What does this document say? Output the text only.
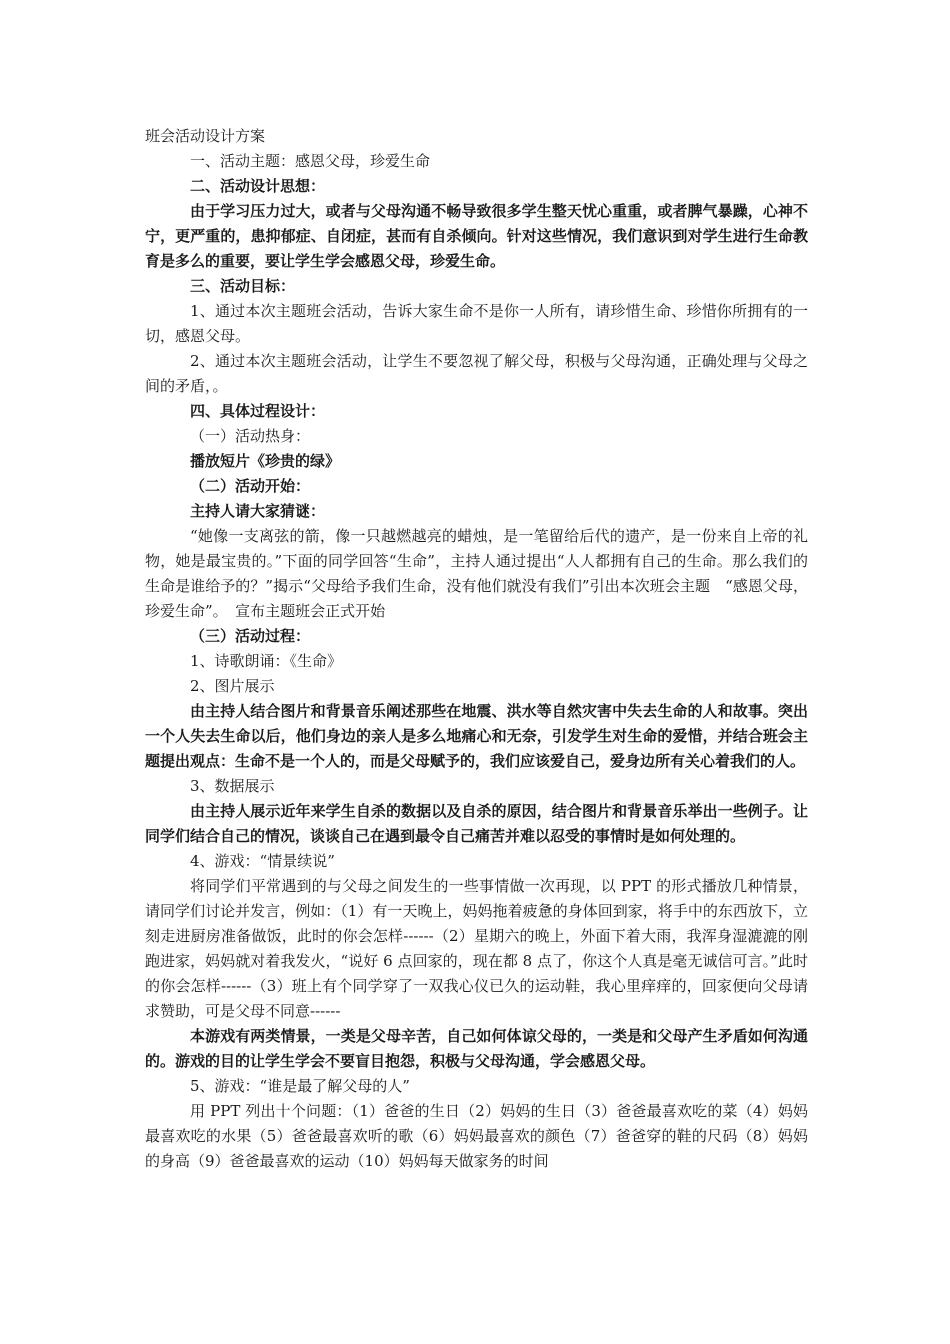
班会活动设计方案

一、活动主题：感恩父母，珍爱生命

二、活动设计思想：

由于学习压力过大，或者与父母沟通不畅导致很多学生整天忧心重重，或者脾气暴躁，心神不宁，更严重的，患抑郁症、自闭症，甚而有自杀倾向。针对这些情况，我们意识到对学生进行生命教育是多么的重要，要让学生学会感恩父母，珍爱生命。

三、活动目标：

1、通过本次主题班会活动，告诉大家生命不是你一人所有，请珍惜生命、珍惜你所拥有的一切，感恩父母。

2、通过本次主题班会活动，让学生不要忽视了解父母，积极与父母沟通，正确处理与父母之间的矛盾，。

四、具体过程设计：

（一）活动热身：

播放短片《珍贵的绿》

（二）活动开始：

主持人请大家猜谜：

“她像一支离弦的箭，像一只越燃越亮的蜡烛，是一笔留给后代的遗产，是一份来自上帝的礼物，她是最宝贵的。”下面的同学回答“生命”，主持人通过提出“人人都拥有自己的生命。那么我们的生命是谁给予的？”揭示“父母给予我们生命，没有他们就没有我们”引出本次班会主题　“感恩父母，珍爱生命”。　宣布主题班会正式开始

（三）活动过程：

1、诗歌朗诵：《生命》

2、图片展示

由主持人结合图片和背景音乐阐述那些在地震、洪水等自然灾害中失去生命的人和故事。突出一个人失去生命以后，他们身边的亲人是多么地痛心和无奈，引发学生对生命的爱惜，并结合班会主题提出观点：生命不是一个人的，而是父母赋予的，我们应该爱自己，爱身边所有关心着我们的人。

3、数据展示

由主持人展示近年来学生自杀的数据以及自杀的原因，结合图片和背景音乐举出一些例子。让同学们结合自己的情况，谈谈自己在遇到最令自己痛苦并难以忍受的事情时是如何处理的。

4、游戏：“情景续说”

将同学们平常遇到的与父母之间发生的一些事情做一次再现，以 PPT 的形式播放几种情景，请同学们讨论并发言，例如：（1）有一天晚上，妈妈拖着疲惫的身体回到家，将手中的东西放下，立刻走进厨房准备做饭，此时的你会怎样------（2）星期六的晚上，外面下着大雨，我浑身湿漉漉的刚跑进家，妈妈就对着我发火，“说好 6 点回家的，现在都 8 点了，你这个人真是毫无诚信可言。”此时的你会怎样------（3）班上有个同学穿了一双我心仪已久的运动鞋，我心里痒痒的，回家便向父母请求赞助，可是父母不同意------

本游戏有两类情景，一类是父母辛苦，自己如何体谅父母的，一类是和父母产生矛盾如何沟通的。游戏的目的让学生学会不要盲目抱怨，积极与父母沟通，学会感恩父母。

5、游戏：“谁是最了解父母的人”

用 PPT 列出十个问题：（1）爸爸的生日（2）妈妈的生日（3）爸爸最喜欢吃的菜（4）妈妈最喜欢吃的水果（5）爸爸最喜欢听的歌（6）妈妈最喜欢的颜色（7）爸爸穿的鞋的尺码（8）妈妈的身高（9）爸爸最喜欢的运动（10）妈妈每天做家务的时间
